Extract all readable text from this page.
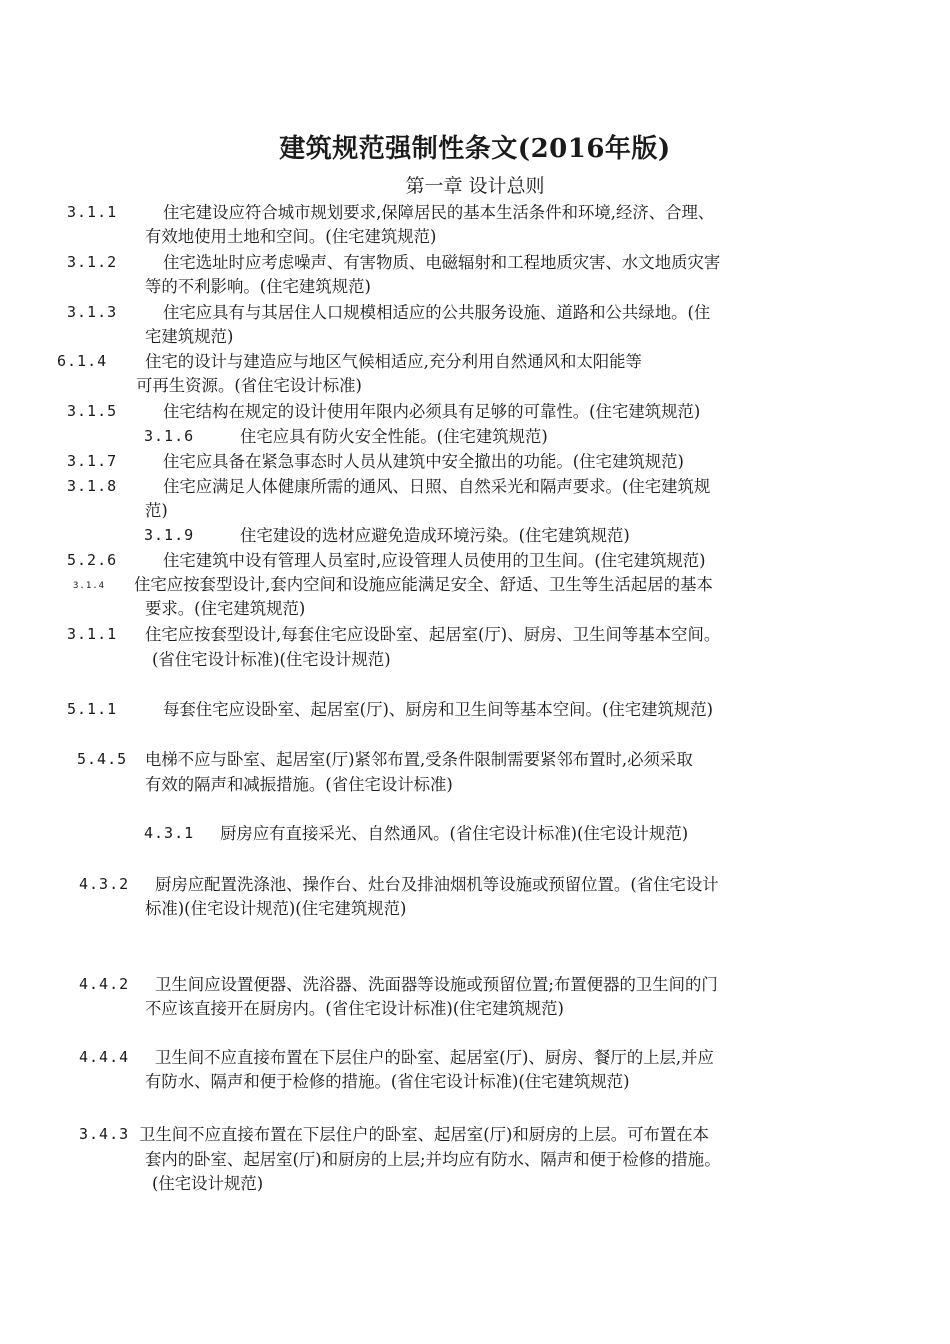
建筑规范强制性条文(2016年版)
第一章 设计总则
3.1.1	住宅建设应符合城市规划要求,保障居民的基本生活条件和环境,经济、合理、
有效地使用土地和空间。(住宅建筑规范)
3.1.2	住宅选址时应考虑噪声、有害物质、电磁辐射和工程地质灾害、水文地质灾害
等的不利影响。(住宅建筑规范)
3.1.3	住宅应具有与其居住人口规模相适应的公共服务设施、道路和公共绿地。(住
宅建筑规范)
6.1.4 住宅的设计与建造应与地区气候相适应,充分利用自然通风和太阳能等
可再生资源。(省住宅设计标准)
3.1.5	住宅结构在规定的设计使用年限内必须具有足够的可靠性。(住宅建筑规范)
3.1.6	住宅应具有防火安全性能。(住宅建筑规范)
3.1.7	住宅应具备在紧急事态时人员从建筑中安全撤出的功能。(住宅建筑规范)
3.1.8	住宅应满足人体健康所需的通风、日照、自然采光和隔声要求。(住宅建筑规
范)
3.1.9	住宅建设的选材应避免造成环境污染。(住宅建筑规范)
5.2.6	住宅建筑中设有管理人员室时,应设管理人员使用的卫生间。(住宅建筑规范)
3.1.4 住宅应按套型设计,套内空间和设施应能满足安全、舒适、卫生等生活起居的基本
要求。(住宅建筑规范)
3.1.1 住宅应按套型设计,每套住宅应设卧室、起居室(厅)、厨房、卫生间等基本空间。
(省住宅设计标准)(住宅设计规范)
5.1.1	每套住宅应设卧室、起居室(厅)、厨房和卫生间等基本空间。(住宅建筑规范)
5.4.5 电梯不应与卧室、起居室(厅)紧邻布置,受条件限制需要紧邻布置时,必须采取
有效的隔声和减振措施。(省住宅设计标准)
4.3.1 厨房应有直接采光、自然通风。(省住宅设计标准)(住宅设计规范)
4.3.2 厨房应配置洗涤池、操作台、灶台及排油烟机等设施或预留位置。(省住宅设计
标准)(住宅设计规范)(住宅建筑规范)
4.4.2 卫生间应设置便器、洗浴器、洗面器等设施或预留位置;布置便器的卫生间的门
不应该直接开在厨房内。(省住宅设计标准)(住宅建筑规范)
4.4.4 卫生间不应直接布置在下层住户的卧室、起居室(厅)、厨房、餐厅的上层,并应
有防水、隔声和便于检修的措施。(省住宅设计标准)(住宅建筑规范)
3.4.3 卫生间不应直接布置在下层住户的卧室、起居室(厅)和厨房的上层。可布置在本
套内的卧室、起居室(厅)和厨房的上层;并均应有防水、隔声和便于检修的措施。
(住宅设计规范)
